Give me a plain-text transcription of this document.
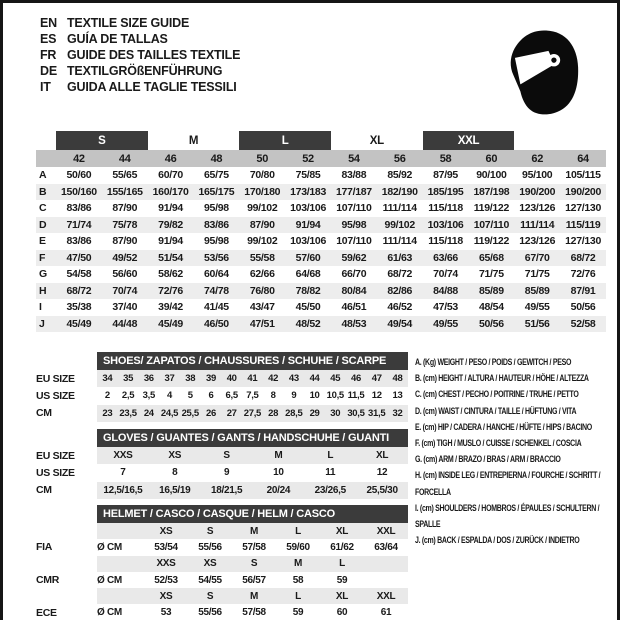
EN TEXTILE SIZE GUIDE
ES GUÍA DE TALLAS
FR GUIDE DES TAILLES TEXTILE
DE TEXTILGRÖßENFÜHRUNG
IT	GUIDA ALLE TAGLIE TESSILI
	S		M		L		XL		XXL			
	42	44	46	48	50	52	54	56	58	60	62	64
A	50/60	55/65	60/70	65/75	70/80	75/85	83/88	85/92	87/95	90/100	95/100	105/115
B	150/160	155/165	160/170	165/175	170/180	173/183	177/187	182/190	185/195	187/198	190/200	190/200
C	83/86	87/90	91/94	95/98	99/102	103/106	107/110	111/114	115/118	119/122	123/126	127/130
D	71/74	75/78	79/82	83/86	87/90	91/94	95/98	99/102	103/106	107/110	111/114	115/119
E	83/86	87/90	91/94	95/98	99/102	103/106	107/110	111/114	115/118	119/122	123/126	127/130
F	47/50	49/52	51/54	53/56	55/58	57/60	59/62	61/63	63/66	65/68	67/70	68/72
G	54/58	56/60	58/62	60/64	62/66	64/68	66/70	68/72	70/74	71/75	71/75	72/76
H	68/72	70/74	72/76	74/78	76/80	78/82	80/84	82/86	84/88	85/89	85/89	87/91
I	35/38	37/40	39/42	41/45	43/47	45/50	46/51	46/52	47/53	48/54	49/55	50/56
J	45/49	44/48	45/49	46/50	47/51	48/52	48/53	49/54	49/55	50/56	51/56	52/58
	SHOES/ ZAPATOS / CHAUSSURES / SCHUHE / SCARPE														
EU SIZE	34	35	36	37	38	39	40	41	42	43	44	45	46	47	48
US SIZE	2	2,5	3,5	4	5	6	6,5	7,5	8	9	10	10,5	11,5	12	13
CM	23	23,5	24	24,5	25,5	26	27	27,5	28	28,5	29	30	30,5	31,5	32
	GLOVES / GUANTES / GANTS / HANDSCHUHE / GUANTI					
EU SIZE	XXS	XS	S	M	L	XL
US SIZE	7	8	9	10	11	12
CM	12,5/16,5	16,5/19	18/21,5	20/24	23/26,5	25,5/30
	HELMET / CASCO / CASQUE / HELM / CASCO						
		XS	S	M	L	XL	XXL
FIA	Ø CM	53/54	55/56	57/58	59/60	61/62	63/64
		XXS	XS	S	M	L	
CMR	Ø CM	52/53	54/55	56/57	58	59	
		XS	S	M	L	XL	XXL
ECE	Ø CM	53	55/56	57/58	59	60	61
A. (Kg) WEIGHT / PESO / POIDS / GEWITCH / PESO
B. (cm) HEIGHT / ALTURA / HAUTEUR / HÖHE / ALTEZZA
C. (cm) CHEST / PECHO / POITRINE / TRUHE / PETTO
D. (cm) WAIST / CINTURA / TAILLE / HÜFTUNG / VITA
E. (cm) HIP / CADERA / HANCHE / HÜFTE / HIPS / BACINO
F. (cm) TIGH / MUSLO / CUISSE / SCHENKEL / COSCIA
G. (cm) ARM / BRAZO / BRAS / ARM / BRACCIO
H. (cm) INSIDE LEG / ENTREPIERNA / FOURCHE / SCHRITT / FORCELLA
I. (cm) SHOULDERS / HOMBROS / ÉPAULES / SCHULTERN / SPALLE
J. (cm) BACK / ESPALDA / DOS / ZURÜCK / INDIETRO
